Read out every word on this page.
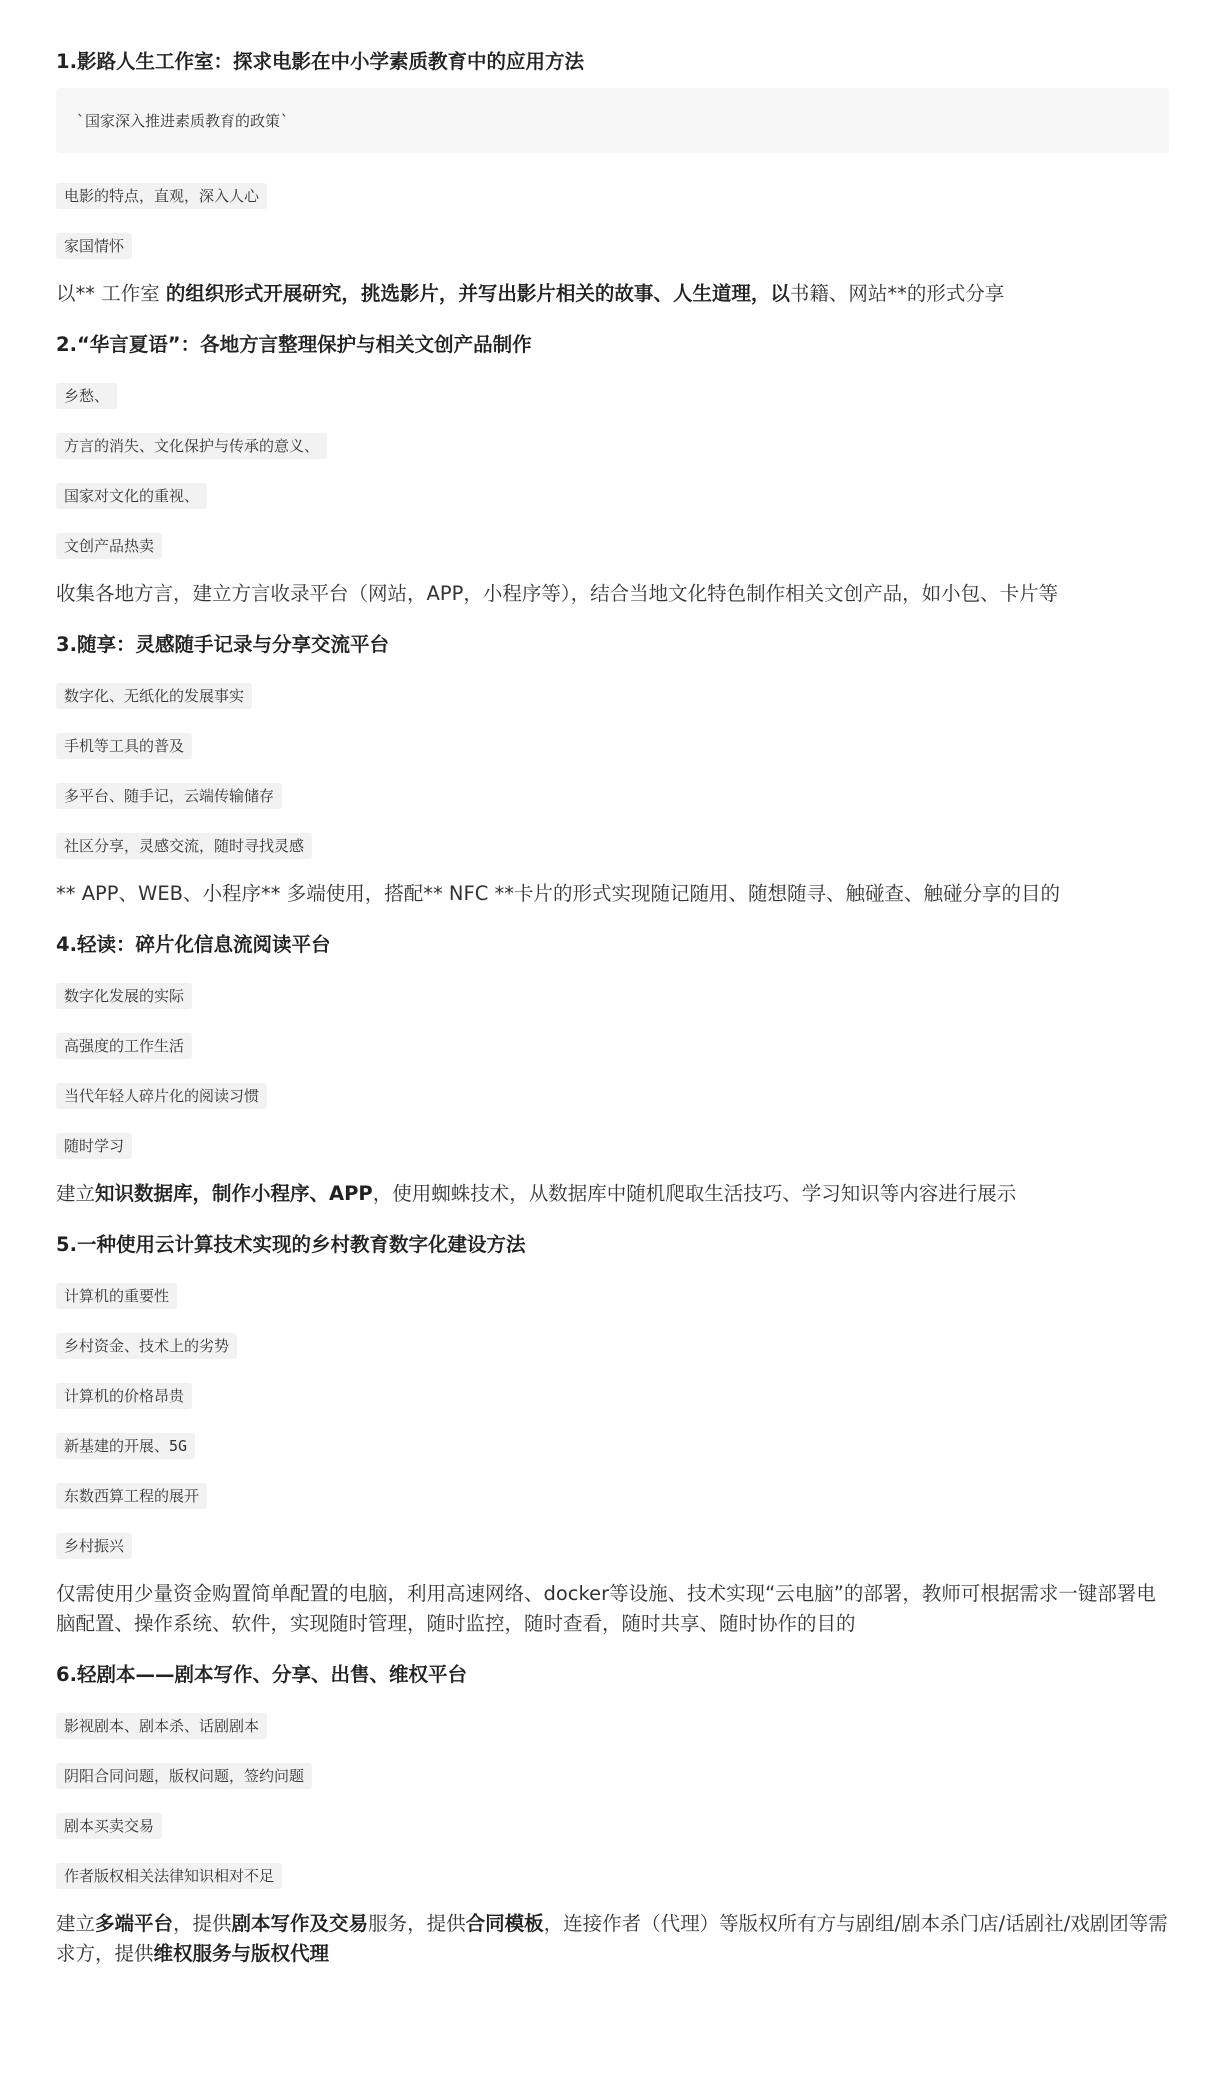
1.影路人生工作室：探求电影在中小学素质教育中的应用方法
`国家深入推进素质教育的政策`
电影的特点，直观，深入人心
家国情怀

以** 工作室 的组织形式开展研究，挑选影片，并写出影片相关的故事、人生道理，以书籍、网站**的形式分享

2.“华言夏语”：各地方言整理保护与相关文创产品制作
乡愁、
方言的消失、文化保护与传承的意义、
国家对文化的重视、
文创产品热卖

收集各地方言，建立方言收录平台（网站，APP，小程序等），结合当地文化特色制作相关文创产品，如小包、卡片等

3.随享：灵感随手记录与分享交流平台
数字化、无纸化的发展事实
手机等工具的普及
多平台、随手记，云端传输储存
社区分享，灵感交流，随时寻找灵感

** APP、WEB、小程序** 多端使用，搭配** NFC **卡片的形式实现随记随用、随想随寻、触碰查、触碰分享的目的

4.轻读：碎片化信息流阅读平台
数字化发展的实际
高强度的工作生活
当代年轻人碎片化的阅读习惯
随时学习

建立知识数据库，制作小程序、APP，使用蜘蛛技术，从数据库中随机爬取生活技巧、学习知识等内容进行展示

5.一种使用云计算技术实现的乡村教育数字化建设方法
计算机的重要性
乡村资金、技术上的劣势
计算机的价格昂贵
新基建的开展、5G
东数西算工程的展开
乡村振兴

仅需使用少量资金购置简单配置的电脑，利用高速网络、docker等设施、技术实现“云电脑”的部署，教师可根据需求一键部署电脑配置、操作系统、软件，实现随时管理，随时监控，随时查看，随时共享、随时协作的目的

6.轻剧本——剧本写作、分享、出售、维权平台
影视剧本、剧本杀、话剧剧本
阴阳合同问题，版权问题，签约问题
剧本买卖交易
作者版权相关法律知识相对不足

建立多端平台，提供剧本写作及交易服务，提供合同模板，连接作者（代理）等版权所有方与剧组/剧本杀门店/话剧社/戏剧团等需求方，提供维权服务与版权代理
